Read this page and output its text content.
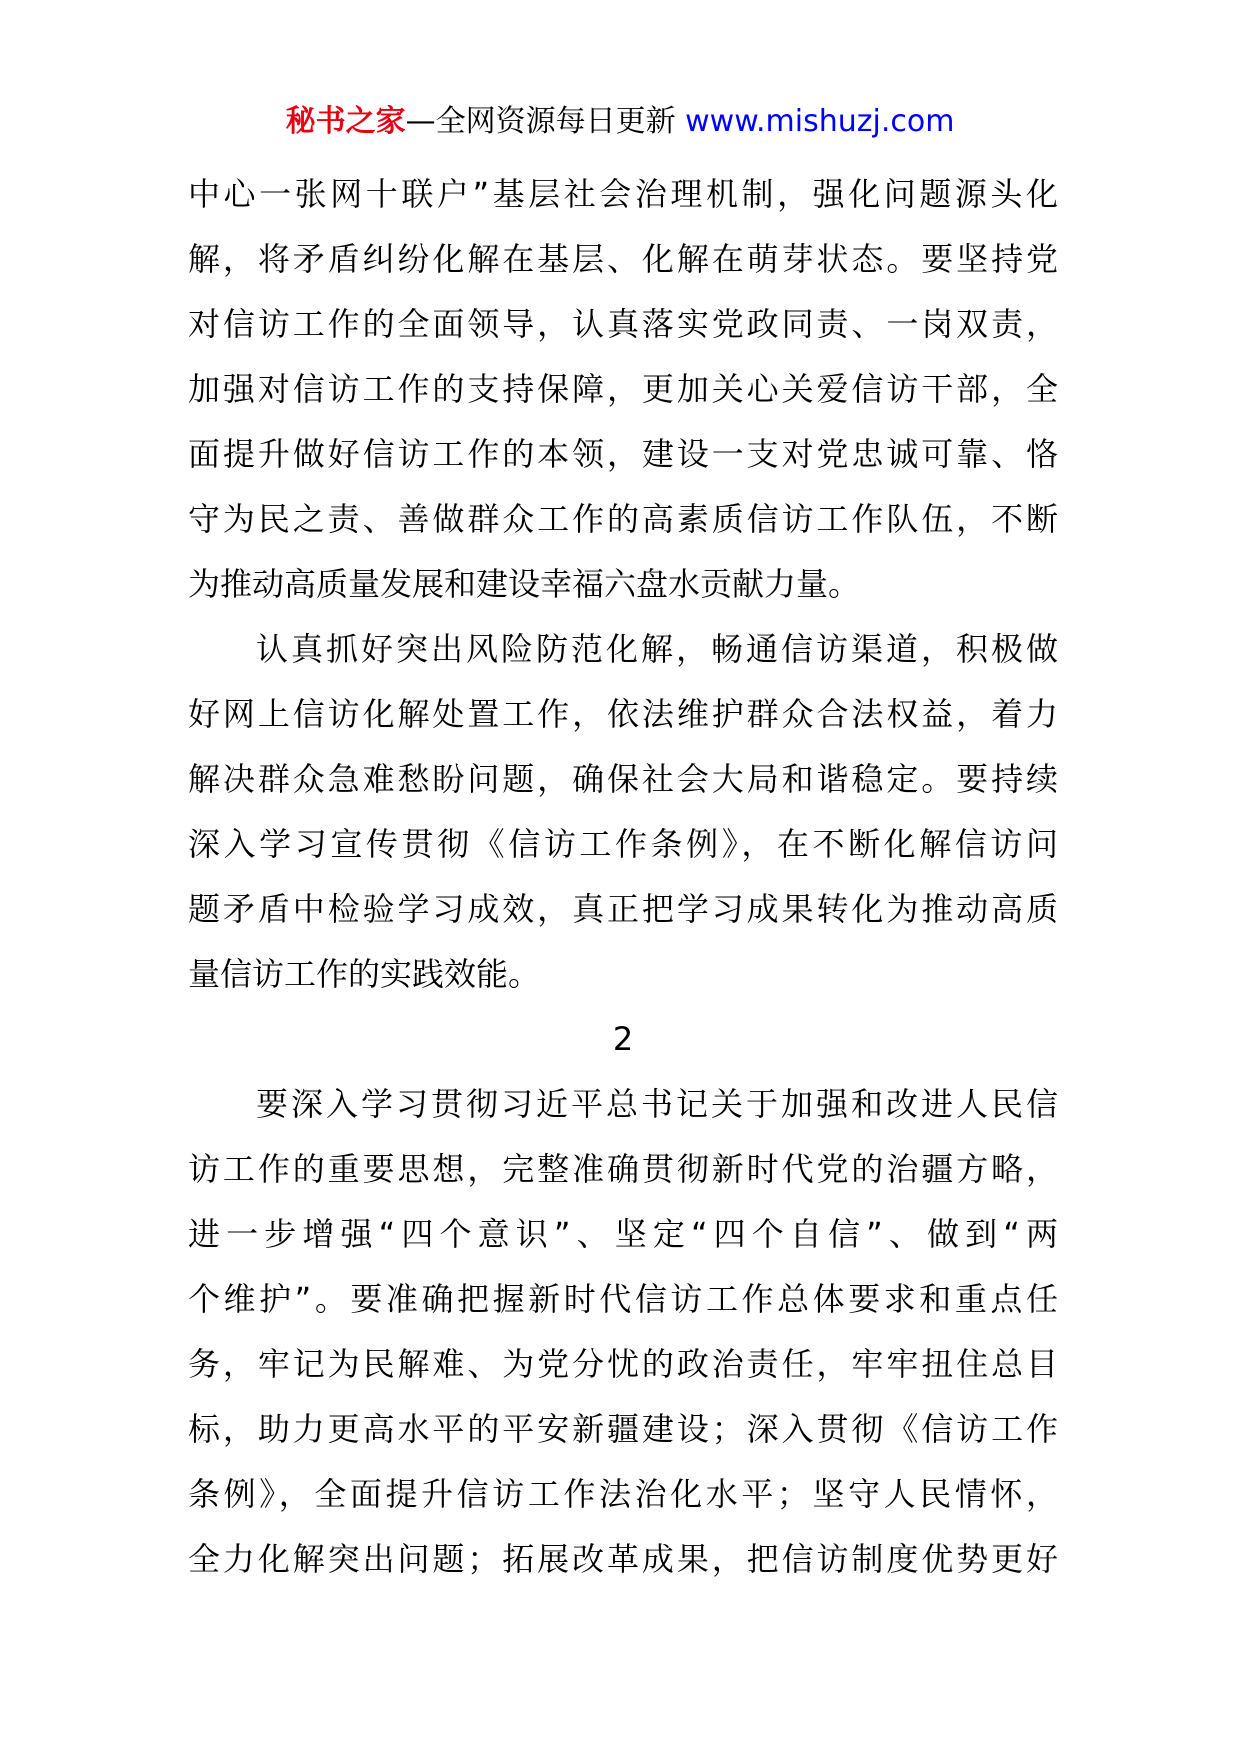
秘书之家—全网资源每日更新 www.mishuzj.com
中心一张网十联户”基层社会治理机制，强化问题源头化
解，将矛盾纠纷化解在基层、化解在萌芽状态。要坚持党
对信访工作的全面领导，认真落实党政同责、一岗双责，
加强对信访工作的支持保障，更加关心关爱信访干部，全
面提升做好信访工作的本领，建设一支对党忠诚可靠、恪
守为民之责、善做群众工作的高素质信访工作队伍，不断
为推动高质量发展和建设幸福六盘水贡献力量。
认真抓好突出风险防范化解，畅通信访渠道，积极做
好网上信访化解处置工作，依法维护群众合法权益，着力
解决群众急难愁盼问题，确保社会大局和谐稳定。要持续
深入学习宣传贯彻《信访工作条例》，在不断化解信访问
题矛盾中检验学习成效，真正把学习成果转化为推动高质
量信访工作的实践效能。
2
要深入学习贯彻习近平总书记关于加强和改进人民信
访工作的重要思想，完整准确贯彻新时代党的治疆方略，
进一步增强“四个意识”、坚定“四个自信”、做到“两
个维护”。要准确把握新时代信访工作总体要求和重点任
务，牢记为民解难、为党分忧的政治责任，牢牢扭住总目
标，助力更高水平的平安新疆建设；深入贯彻《信访工作
条例》，全面提升信访工作法治化水平；坚守人民情怀，
全力化解突出问题；拓展改革成果，把信访制度优势更好
